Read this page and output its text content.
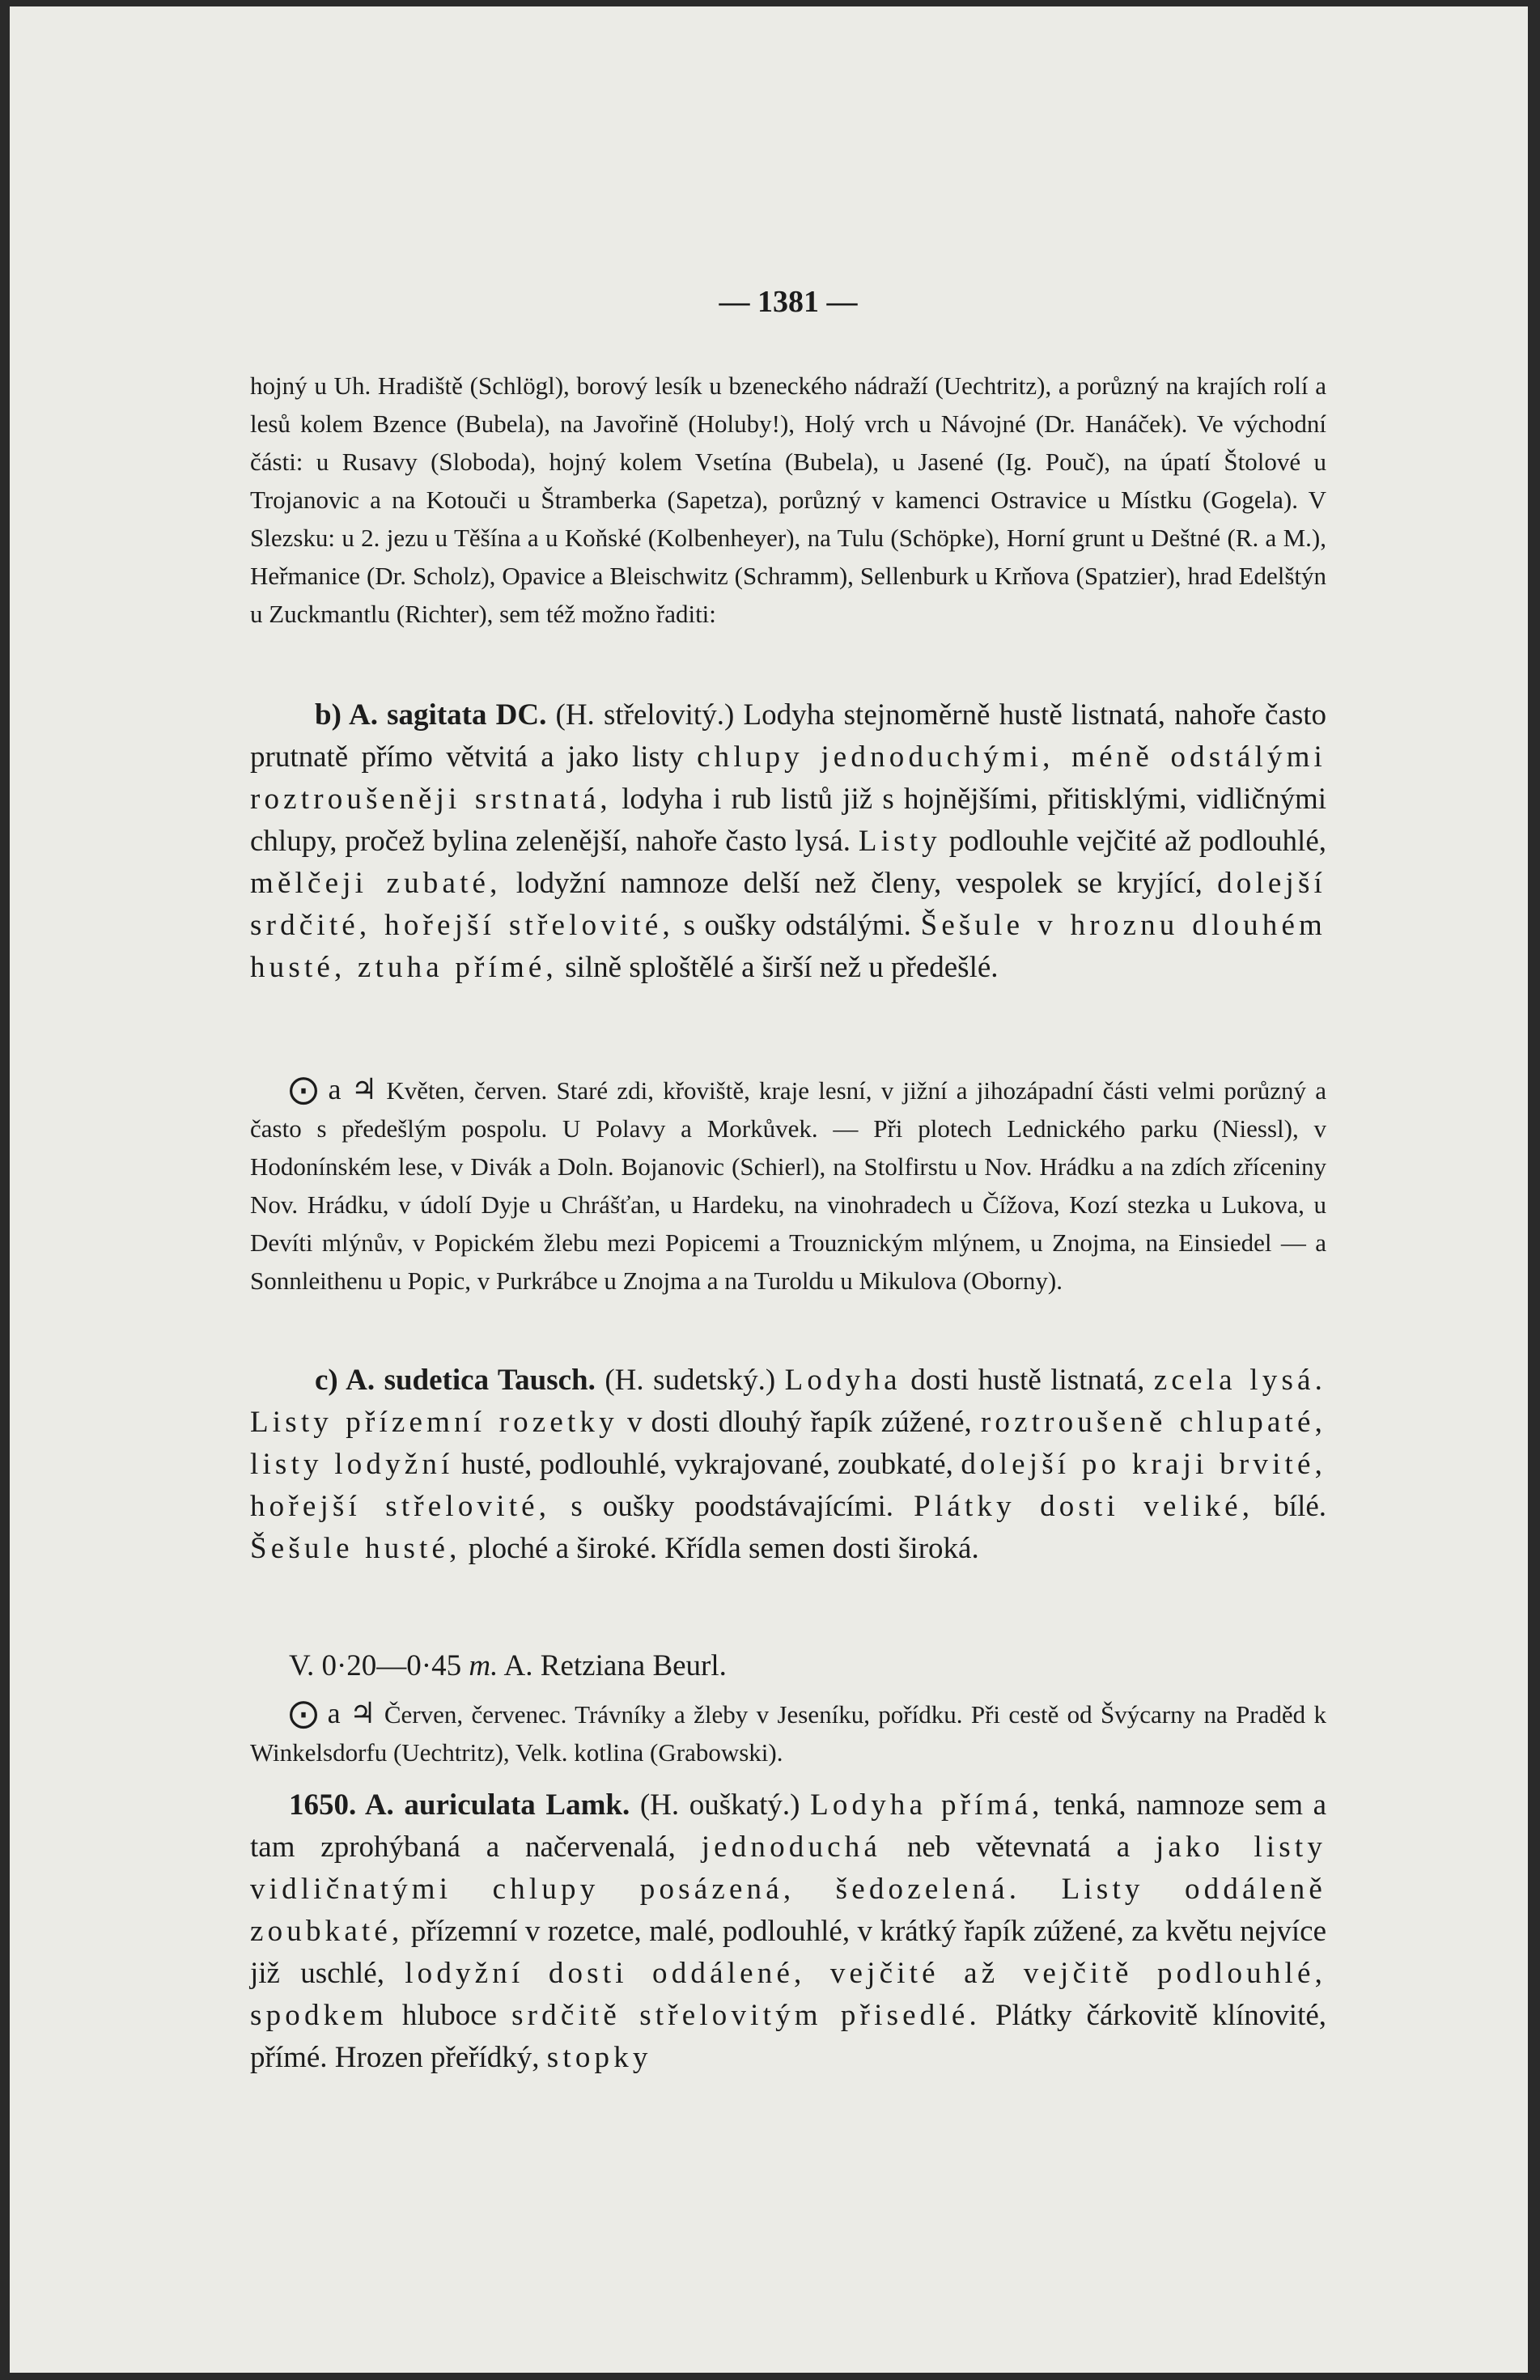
— 1381 —
hojný u Uh. Hradiště (Schlögl), borový lesík u bzeneckého nádraží (Uechtritz), a porůzný na krajích rolí a lesů kolem Bzence (Bubela), na Javořině (Holuby!), Holý vrch u Návojné (Dr. Hanáček). Ve východní části: u Rusavy (Sloboda), hojný kolem Vsetína (Bubela), u Jasené (Ig. Pouč), na úpatí Štolové u Trojanovic a na Kotouči u Štramberka (Sapetza), porůzný v kamenci Ostravice u Místku (Gogela). V Slezsku: u 2. jezu u Těšína a u Koňské (Kolbenheyer), na Tulu (Schöpke), Horní grunt u Deštné (R. a M.), Heřmanice (Dr. Scholz), Opavice a Bleischwitz (Schramm), Sellenburk u Krňova (Spatzier), hrad Edelštýn u Zuckmantlu (Richter), sem též možno řaditi:
b) A. sagitata DC. (H. střelovitý.) Lodyha stejnoměrně hustě listnatá, nahoře často prutnatě přímo větvitá a jako listy chlupy jednoduchými, méně odstálými roztroušeněji srstnatá, lodyha i rub listů již s hojnějšími, přitisklými, vidličnými chlupy, pročež bylina zelenější, nahoře často lysá. Listy podlouhle vejčité až podlouhlé, mělčeji zubaté, lodyžní namnoze delší než členy, vespolek se kryjící, dolejší srdčité, hořejší střelovité, s oušky odstálými. Šešule v hroznu dlouhém husté, ztuha přímé, silně sploštělé a širší než u předešlé.
⨀ a ♃ Květen, červen. Staré zdi, křoviště, kraje lesní, v jižní a jihozápadní části velmi porůzný a často s předešlým pospolu. U Polavy a Morkůvek. — Při plotech Lednického parku (Niessl), v Hodonínském lese, v Divák a Doln. Bojanovic (Schierl), na Stolfirstu u Nov. Hrádku a na zdích zříceniny Nov. Hrádku, v údolí Dyje u Chrášťan, u Hardeku, na vinohradech u Čížova, Kozí stezka u Lukova, u Devíti mlýnův, v Popickém žlebu mezi Popicemi a Trouznickým mlýnem, u Znojma, na Einsiedel — a Sonnleithenu u Popic, v Purkrábce u Znojma a na Turoldu u Mikulova (Oborny).
c) A. sudetica Tausch. (H. sudetský.) Lodyha dosti hustě listnatá, zcela lysá. Listy přízemní rozetky v dosti dlouhý řapík zúžené, roztroušeně chlupaté, listy lodyžní husté, podlouhlé, vykrajované, zoubkaté, dolejší po kraji brvité, hořejší střelovité, s oušky poodstávajícími. Plátky dosti veliké, bílé. Šešule husté, ploché a široké. Křídla semen dosti široká.
V. 0·20—0·45 m. A. Retziana Beurl.
⨀ a ♃ Červen, červenec. Trávníky a žleby v Jeseníku, pořídku. Při cestě od Švýcarny na Praděd k Winkelsdorfu (Uechtritz), Velk. kotlina (Grabowski).
1650. A. auriculata Lamk. (H. ouškatý.) Lodyha přímá, tenká, namnoze sem a tam zprohýbaná a načervenalá, jednoduchá neb větevnatá a jako listy vidličnatými chlupy posázená, šedozelená. Listy oddáleně zoubkaté, přízemní v rozetce, malé, podlouhlé, v krátký řapík zúžené, za květu nejvíce již uschlé, lodyžní dosti oddálené, vejčité až vejčitě podlouhlé, spodkem hluboce srdčitě střelovitým přisedlé. Plátky čárkovitě klínovité, přímé. Hrozen přeřídký, stopky
